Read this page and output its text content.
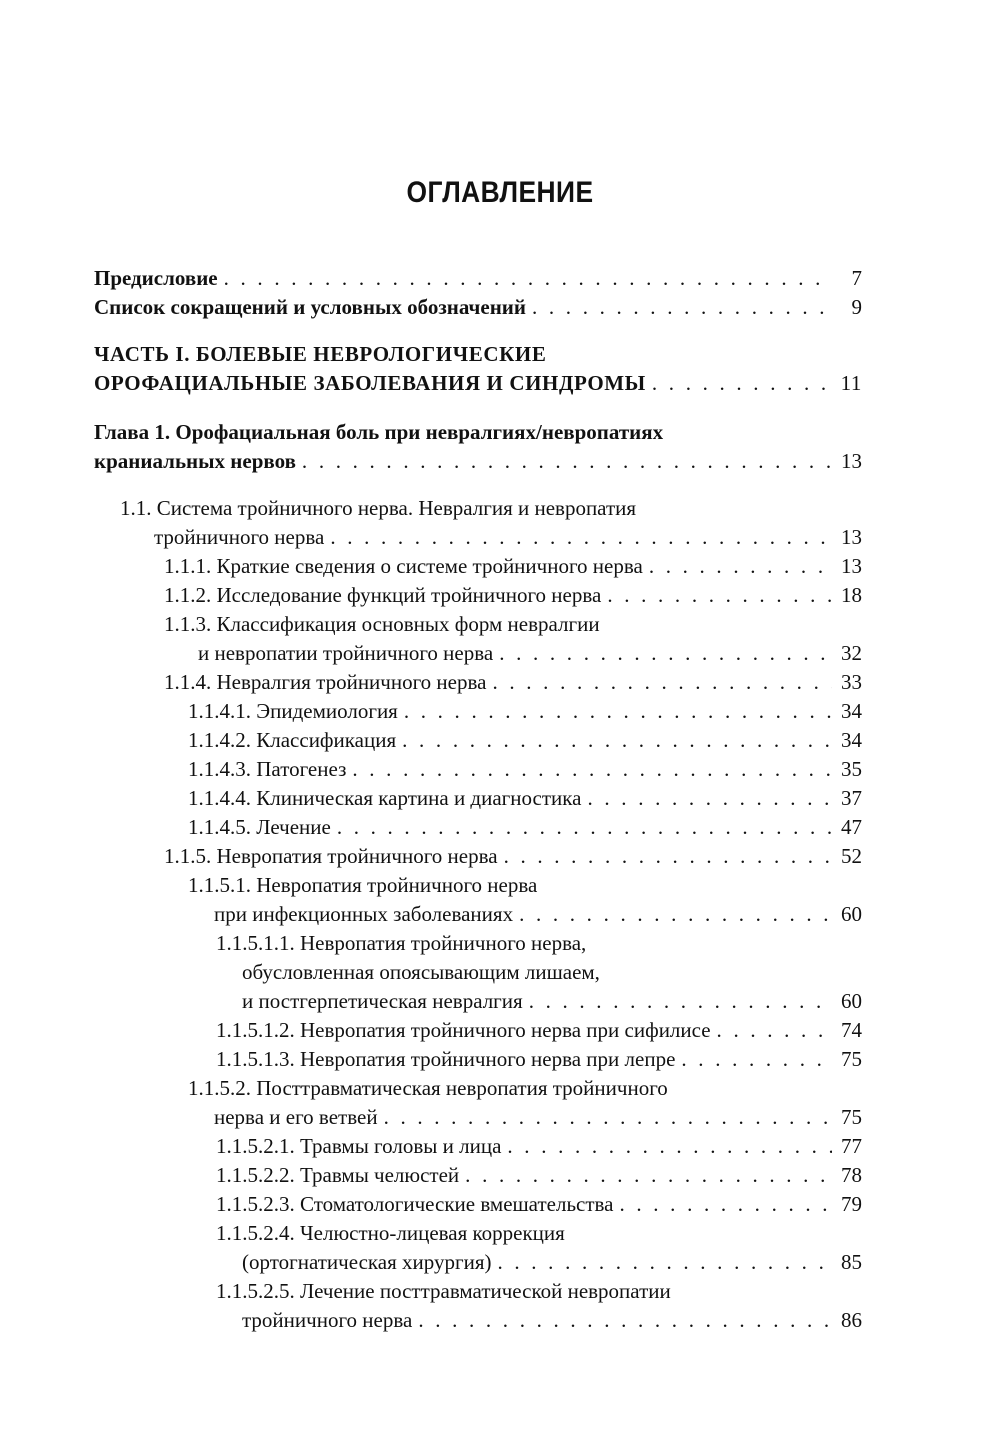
ОГЛАВЛЕНИЕ
Предисловие . . .	7
Список сокращений и условных обозначений . . .	9
ЧАСТЬ I. БОЛЕВЫЕ НЕВРОЛОГИЧЕСКИЕ
ОРОФАЦИАЛЬНЫЕ ЗАБОЛЕВАНИЯ И СИНДРОМЫ . . .	11
Глава 1. Орофациальная боль при невралгиях/невропатиях
краниальных нервов . . .	13
1.1. Система тройничного нерва. Невралгия и невропатия
тройничного нерва . . .	13
1.1.1. Краткие сведения о системе тройничного нерва . . .	13
1.1.2. Исследование функций тройничного нерва . . .	18
1.1.3. Классификация основных форм невралгии
и невропатии тройничного нерва . . .	32
1.1.4. Невралгия тройничного нерва . . .	33
1.1.4.1. Эпидемиология . . .	34
1.1.4.2. Классификация . . .	34
1.1.4.3. Патогенез . . .	35
1.1.4.4. Клиническая картина и диагностика . . .	37
1.1.4.5. Лечение . . .	47
1.1.5. Невропатия тройничного нерва . . .	52
1.1.5.1. Невропатия тройничного нерва
при инфекционных заболеваниях . . .	60
1.1.5.1.1. Невропатия тройничного нерва,
обусловленная опоясывающим лишаем,
и постгерпетическая невралгия . . .	60
1.1.5.1.2. Невропатия тройничного нерва при сифилисе . . .	74
1.1.5.1.3. Невропатия тройничного нерва при лепре . . .	75
1.1.5.2. Посттравматическая невропатия тройничного
нерва и его ветвей . . .	75
1.1.5.2.1. Травмы головы и лица . . .	77
1.1.5.2.2. Травмы челюстей . . .	78
1.1.5.2.3. Стоматологические вмешательства . . .	79
1.1.5.2.4. Челюстно-лицевая коррекция
(ортогнатическая хирургия) . . .	85
1.1.5.2.5. Лечение посттравматической невропатии
тройничного нерва . . .	86
